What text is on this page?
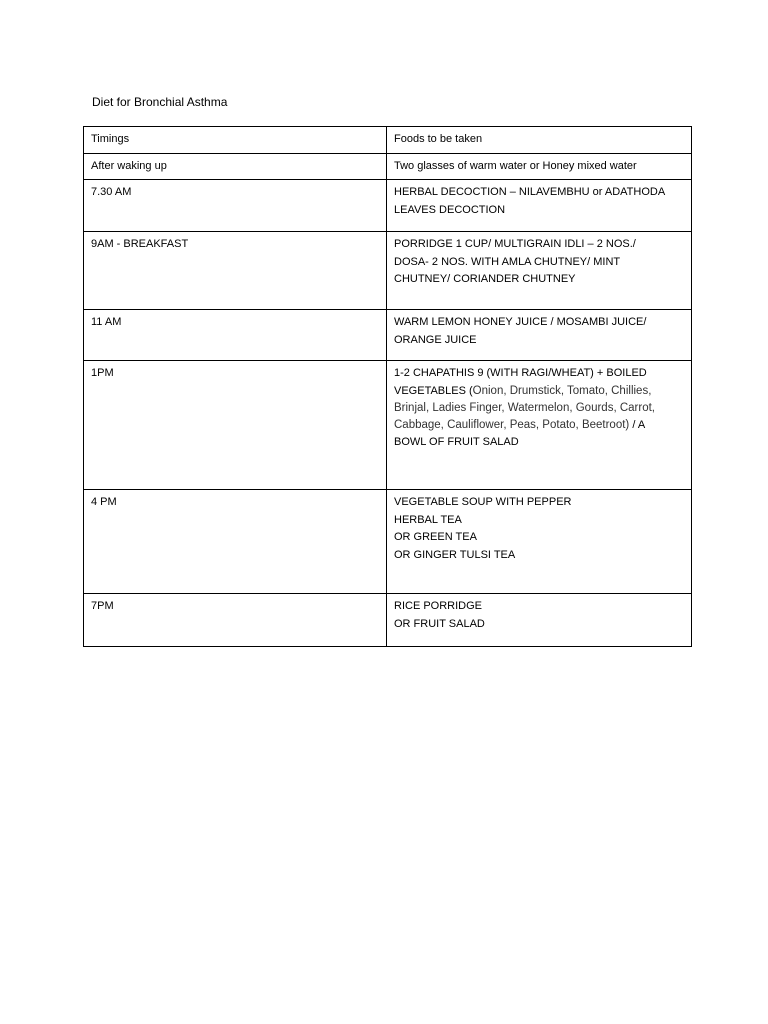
Diet for Bronchial Asthma
Timings	Foods to be taken
After waking up	Two glasses of warm water or Honey mixed water

7.30 AM	HERBAL DECOCTION – NILAVEMBHU or ADATHODA
LEAVES DECOCTION

9AM - BREAKFAST	PORRIDGE 1 CUP/ MULTIGRAIN IDLI – 2 NOS./
DOSA- 2 NOS. WITH AMLA CHUTNEY/ MINT
CHUTNEY/ CORIANDER CHUTNEY

11 AM	WARM LEMON HONEY JUICE / MOSAMBI JUICE/
ORANGE JUICE

1PM	1-2 CHAPATHIS 9 (WITH RAGI/WHEAT) + BOILED
VEGETABLES (Onion, Drumstick, Tomato, Chillies,
Brinjal, Ladies Finger, Watermelon, Gourds, Carrot,
Cabbage, Cauliflower, Peas, Potato, Beetroot) / A
BOWL OF FRUIT SALAD

4 PM	VEGETABLE SOUP WITH PEPPER
HERBAL TEA
OR GREEN TEA
OR GINGER TULSI TEA

7PM	RICE PORRIDGE
OR FRUIT SALAD
